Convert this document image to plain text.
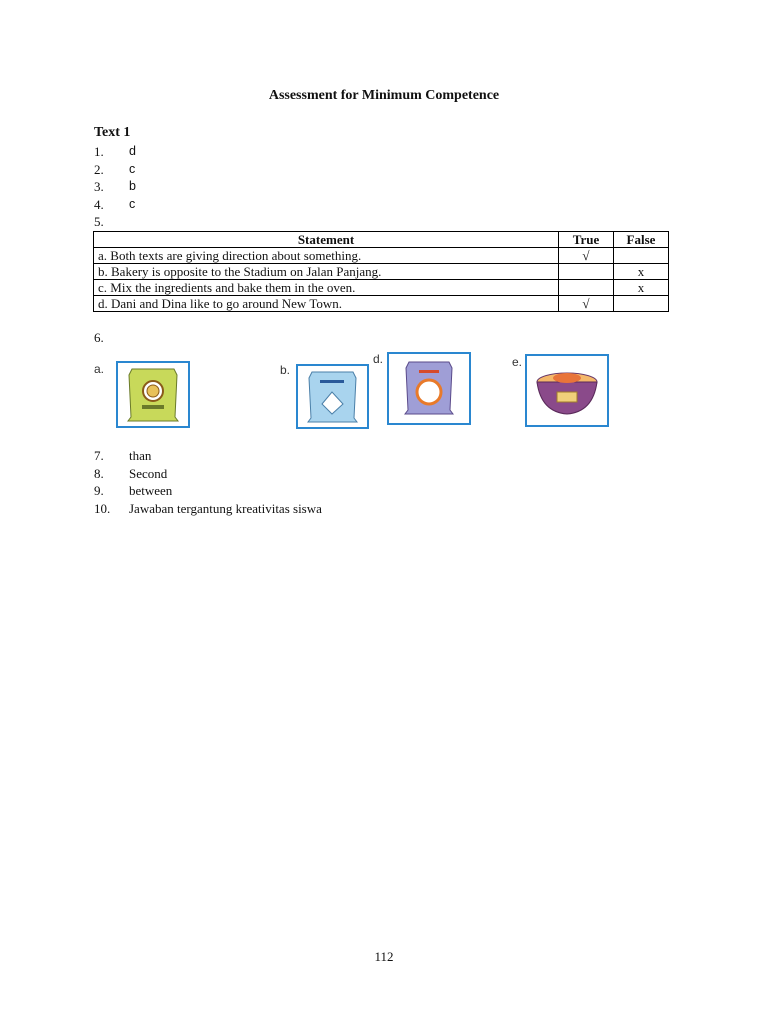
Assessment for Minimum Competence
Text 1
1. d
2. c
3. b
4. c
5.
Statement	True	False
a. Both texts are giving direction about something.	√	
b. Bakery is opposite to the Stadium on Jalan Panjang.		x
c. Mix the ingredients and bake them in the oven.		x
d. Dani and Dina like to go around New Town.	√	
6.
a.	b.
d.	e.
7. than
8. Second
9. between
10. Jawaban tergantung kreativitas siswa
112
